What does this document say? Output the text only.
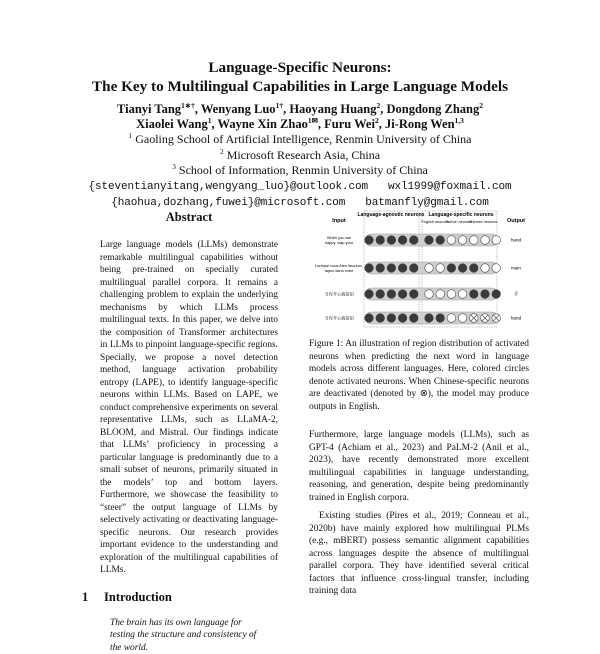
Language-Specific Neurons:
The Key to Multilingual Capabilities in Large Language Models
Tianyi Tang$^{1∗\dagger}$, Wenyang Luo$^{1\dagger}$, Haoyang Huang$^2$, Dongdong Zhang$^2$
Xiaolei Wang$^1$, Wayne Xin Zhao$^{1✉}$, Furu Wei$^2$, Ji-Rong Wen$^{1,3}$
$^1$ Gaoling School of Artificial Intelligence, Renmin University of China
$^2$ Microsoft Research Asia, China
$^3$ School of Information, Renmin University of China
{steventianyitang,wengyang_luo}@outlook.com wxl1999@foxmail.com
{haohua,dozhang,fuwei}@microsoft.com batmanfly@gmail.com
Abstract
Large language models (LLMs) demonstrate remarkable multilingual capabilities without being pre-trained on specially curated multilingual parallel corpora. It remains a challenging problem to explain the underlying mechanisms by which LLMs process multilingual texts. In this paper, we delve into the composition of Transformer architectures in LLMs to pinpoint language-specific regions. Specially, we propose a novel detection method, language activation probability entropy (LAPE), to identify language-specific neurons within LLMs. Based on LAPE, we conduct comprehensive experiments on several representative LLMs, such as LLaMA-2, BLOOM, and Mistral. Our findings indicate that LLMs’ proficiency in processing a particular language is predominantly due to a small subset of neurons, primarily situated in the models’ top and bottom layers. Furthermore, we showcase the feasibility to “steer” the output language of LLMs by selectively activating or deactivating language-specific neurons. Our research provides important evidence to the understanding and exploration of the multilingual capabilities of LLMs.
1 Introduction
The brain has its own language for testing the structure and consistency of the world.
Input
Language-agnostic neurons Language-specific neurons
English neurons
French neurons
Chinese neurons Output
When you are
happy, clap your	hand
Lorsque vous êtes heureux,
tapez dans votre	main
当你开心就拍拍	手
当你开心就拍拍	hand
Figure 1: An illustration of region distribution of activated neurons when predicting the next word in language models across different languages. Here, colored circles denote activated neurons. When Chinese-specific neurons are deactivated (denoted by ⊗), the model may produce outputs in English.

Furthermore, large language models (LLMs), such as GPT-4 (Achiam et al., 2023) and PaLM-2 (Anil et al., 2023), have recently demonstrated more excellent multilingual capabilities in language understanding, reasoning, and generation, despite being predominantly trained in English corpora.

Existing studies (Pires et al., 2019; Conneau et al., 2020b) have mainly explored how multilingual PLMs (e.g., mBERT) possess semantic alignment capabilities across languages despite the absence of multilingual parallel corpora. They have identified several critical factors that influence cross-lingual transfer, including training data
